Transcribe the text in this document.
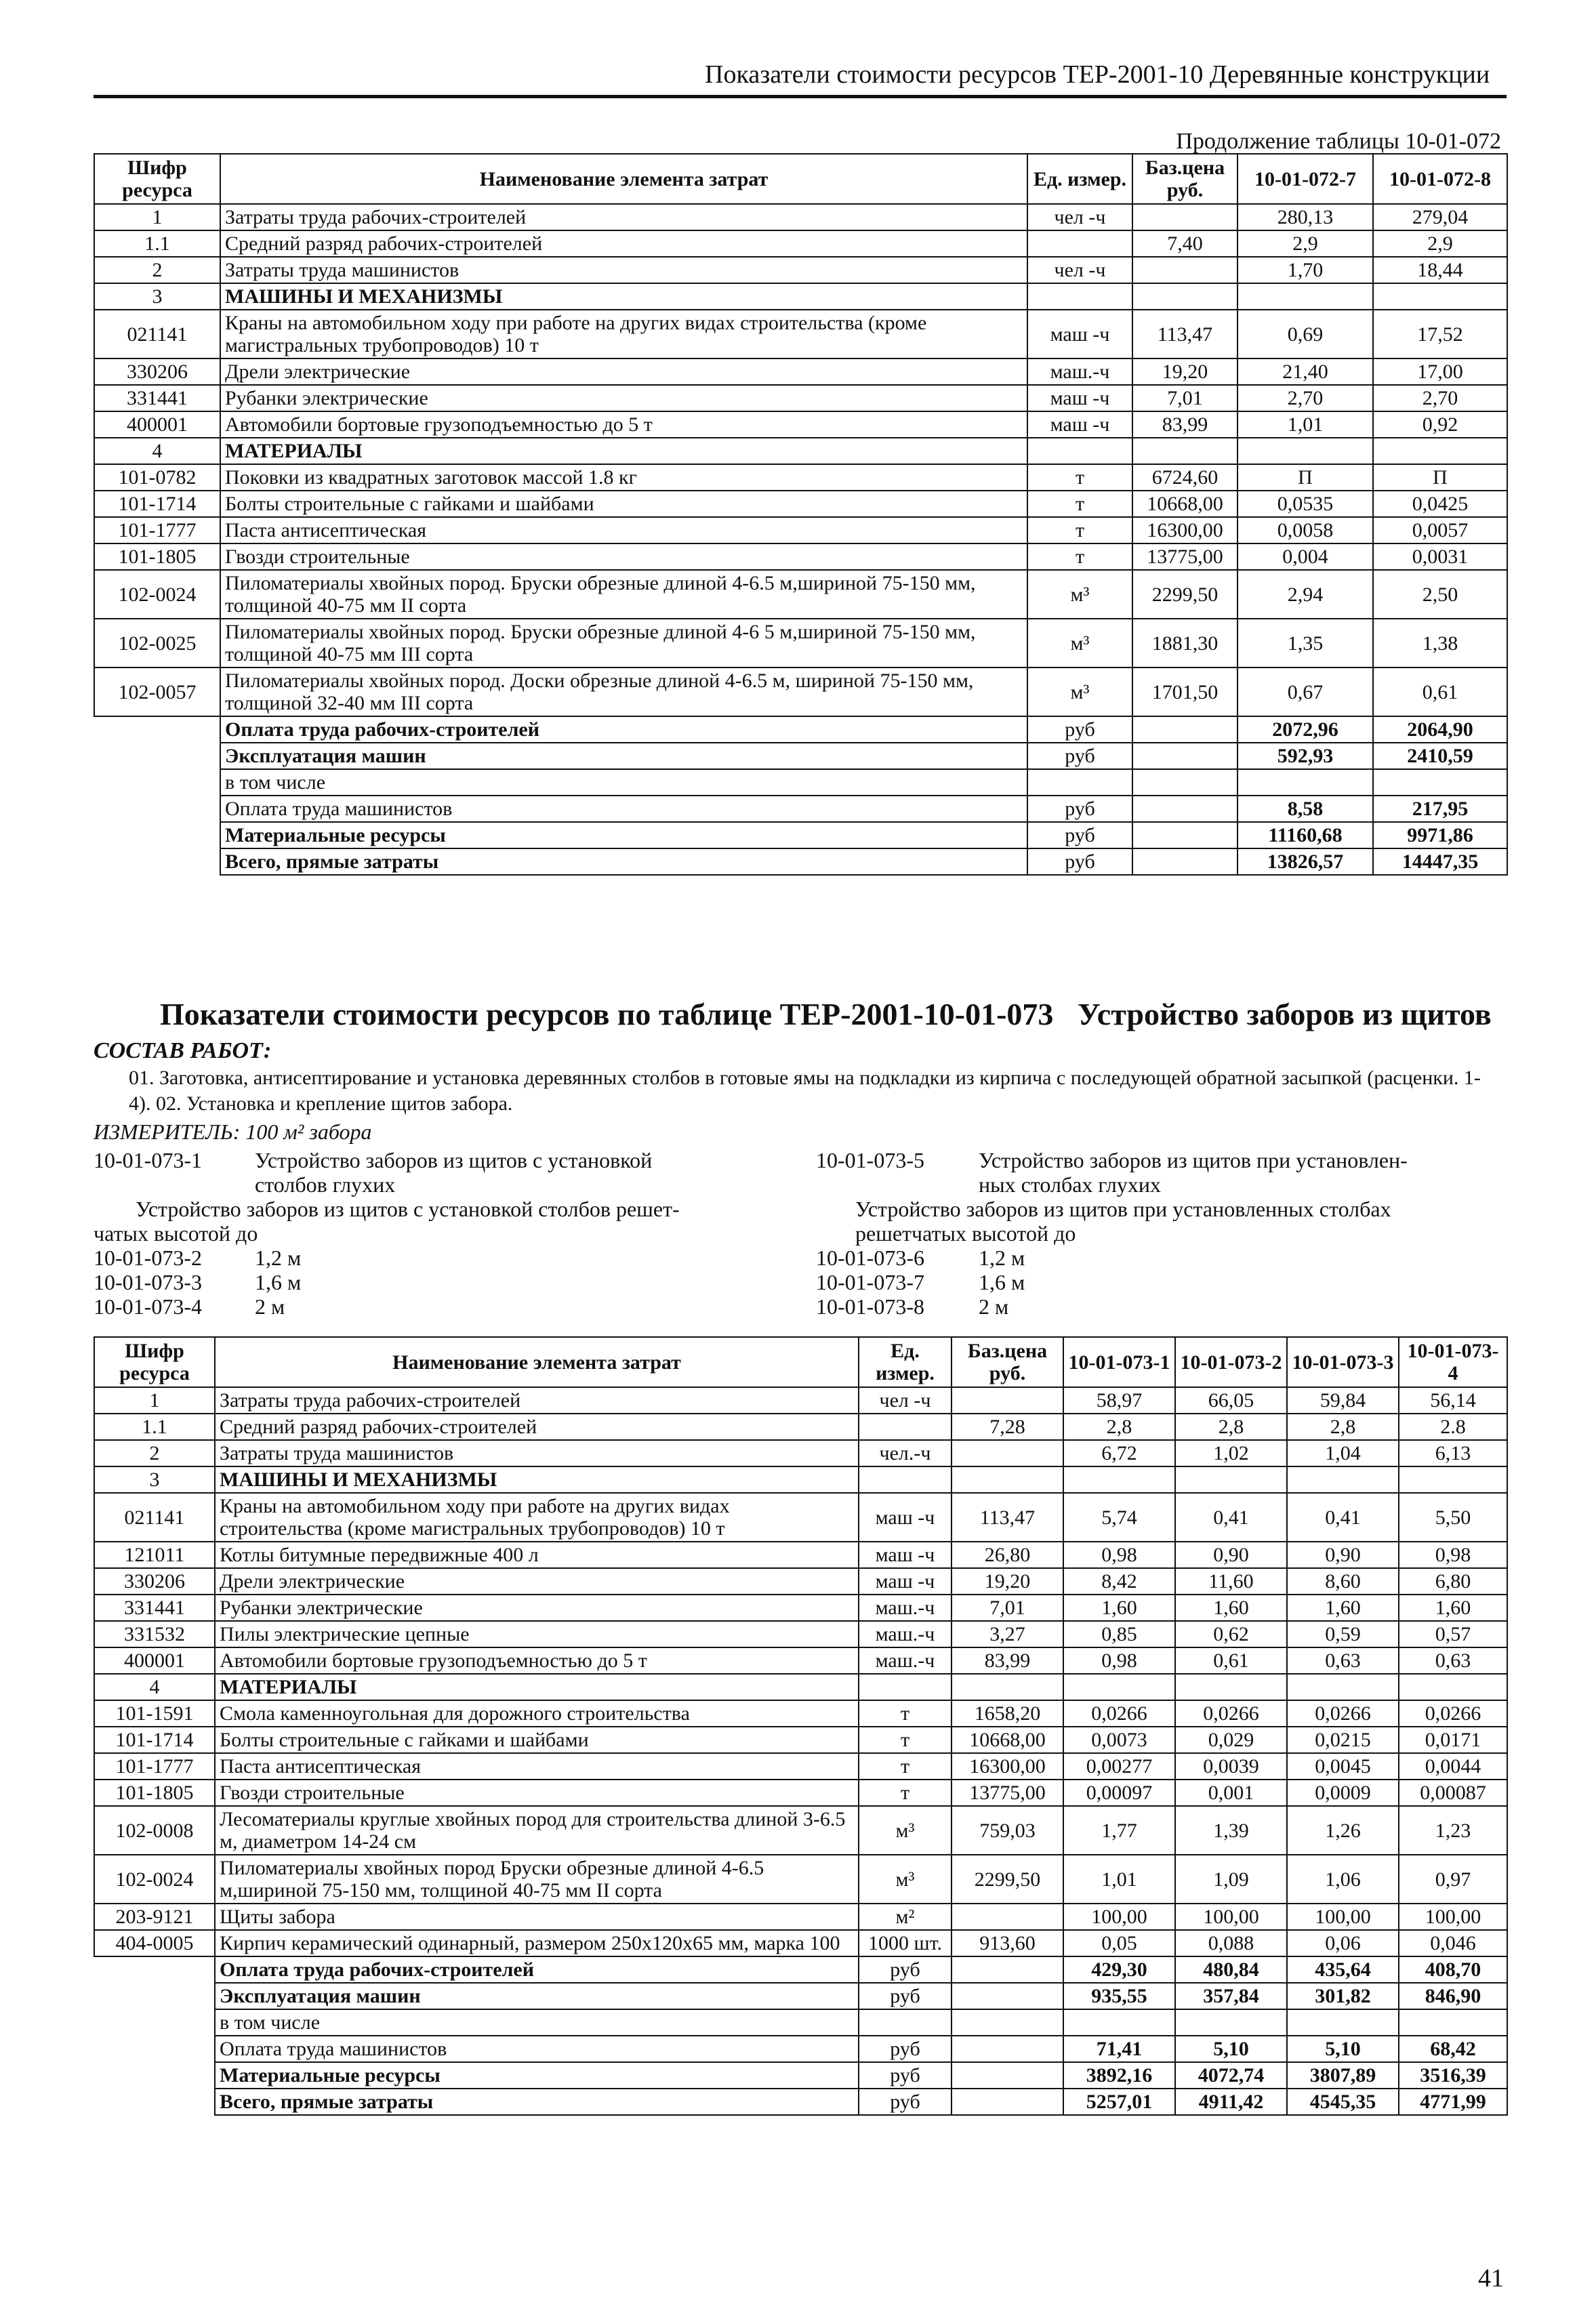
Показатели стоимости ресурсов ТЕР-2001-10 Деревянные конструкции
Продолжение таблицы 10-01-072
Шифр ресурса	Наименование элемента затрат	Ед. измер.	Баз.цена руб.	10-01-072-7	10-01-072-8
1	Затраты труда рабочих-строителей	чел -ч		280,13	279,04
1.1	Средний разряд рабочих-строителей		7,40	2,9	2,9
2	Затраты труда машинистов	чел -ч		1,70	18,44
3	МАШИНЫ И МЕХАНИЗМЫ				
021141	Краны на автомобильном ходу при работе на других видах строительства (кроме магистральных трубопроводов) 10 т	маш -ч	113,47	0,69	17,52
330206	Дрели электрические	маш.-ч	19,20	21,40	17,00
331441	Рубанки электрические	маш -ч	7,01	2,70	2,70
400001	Автомобили бортовые грузоподъемностью до 5 т	маш -ч	83,99	1,01	0,92
4	МАТЕРИАЛЫ				
101-0782	Поковки из квадратных заготовок массой 1.8 кг	т	6724,60	П	П
101-1714	Болты строительные с гайками и шайбами	т	10668,00	0,0535	0,0425
101-1777	Паста антисептическая	т	16300,00	0,0058	0,0057
101-1805	Гвозди строительные	т	13775,00	0,004	0,0031
102-0024	Пиломатериалы хвойных пород. Бруски обрезные длиной 4-6.5 м,шириной 75-150 мм, толщиной 40-75 мм II сорта	м³	2299,50	2,94	2,50
102-0025	Пиломатериалы хвойных пород. Бруски обрезные длиной 4-6 5 м,шириной 75-150 мм, толщиной 40-75 мм III сорта	м³	1881,30	1,35	1,38
102-0057	Пиломатериалы хвойных пород. Доски обрезные длиной 4-6.5 м, шириной 75-150 мм, толщиной 32-40 мм III сорта	м³	1701,50	0,67	0,61
	Оплата труда рабочих-строителей	руб		2072,96	2064,90
	Эксплуатация машин	руб		592,93	2410,59
	в том числе				
	Оплата труда машинистов	руб		8,58	217,95
	Материальные ресурсы	руб		11160,68	9971,86
	Всего, прямые затраты	руб		13826,57	14447,35
Показатели стоимости ресурсов по таблице ТЕР-2001-10-01-073 Устройство заборов из щитов
СОСТАВ РАБОТ:
01. Заготовка, антисептирование и установка деревянных столбов в готовые ямы на подкладки из кирпича с последующей обратной засыпкой (расценки. 1-4). 02. Установка и крепление щитов забора.
ИЗМЕРИТЕЛЬ: 100 м² забора
10-01-073-1 Устройство заборов из щитов с установкой
столбов глухих
Устройство заборов из щитов с установкой столбов решет-
чатых высотой до
10-01-073-2 1,2 м
10-01-073-3 1,6 м
10-01-073-4 2 м
10-01-073-5	Устройство заборов из щитов при установлен-
ных столбах глухих
Устройство заборов из щитов при установленных столбах
решетчатых высотой до
10-01-073-6	1,2 м
10-01-073-7	1,6 м
10-01-073-8	2 м
Шифр ресурса	Наименование элемента затрат	Ед. измер.	Баз.цена руб.	10-01-073-1	10-01-073-2	10-01-073-3	10-01-073-4
1	Затраты труда рабочих-строителей	чел -ч		58,97	66,05	59,84	56,14
1.1	Средний разряд рабочих-строителей		7,28	2,8	2,8	2,8	2.8
2	Затраты труда машинистов	чел.-ч		6,72	1,02	1,04	6,13
3	МАШИНЫ И МЕХАНИЗМЫ						
021141	Краны на автомобильном ходу при работе на других видах строительства (кроме магистральных трубопроводов) 10 т	маш -ч	113,47	5,74	0,41	0,41	5,50
121011	Котлы битумные передвижные 400 л	маш -ч	26,80	0,98	0,90	0,90	0,98
330206	Дрели электрические	маш -ч	19,20	8,42	11,60	8,60	6,80
331441	Рубанки электрические	маш.-ч	7,01	1,60	1,60	1,60	1,60
331532	Пилы электрические цепные	маш.-ч	3,27	0,85	0,62	0,59	0,57
400001	Автомобили бортовые грузоподъемностью до 5 т	маш.-ч	83,99	0,98	0,61	0,63	0,63
4	МАТЕРИАЛЫ						
101-1591	Смола каменноугольная для дорожного строительства	т	1658,20	0,0266	0,0266	0,0266	0,0266
101-1714	Болты строительные с гайками и шайбами	т	10668,00	0,0073	0,029	0,0215	0,0171
101-1777	Паста антисептическая	т	16300,00	0,00277	0,0039	0,0045	0,0044
101-1805	Гвозди строительные	т	13775,00	0,00097	0,001	0,0009	0,00087
102-0008	Лесоматериалы круглые хвойных пород для строительства длиной 3-6.5 м, диаметром 14-24 см	м³	759,03	1,77	1,39	1,26	1,23
102-0024	Пиломатериалы хвойных пород Бруски обрезные длиной 4-6.5 м,шириной 75-150 мм, толщиной 40-75 мм II сорта	м³	2299,50	1,01	1,09	1,06	0,97
203-9121	Щиты забора	м²		100,00	100,00	100,00	100,00
404-0005	Кирпич керамический одинарный, размером 250х120х65 мм, марка 100	1000 шт.	913,60	0,05	0,088	0,06	0,046
	Оплата труда рабочих-строителей	руб		429,30	480,84	435,64	408,70
	Эксплуатация машин	руб		935,55	357,84	301,82	846,90
	в том числе						
	Оплата труда машинистов	руб		71,41	5,10	5,10	68,42
	Материальные ресурсы	руб		3892,16	4072,74	3807,89	3516,39
	Всего, прямые затраты	руб		5257,01	4911,42	4545,35	4771,99
41
